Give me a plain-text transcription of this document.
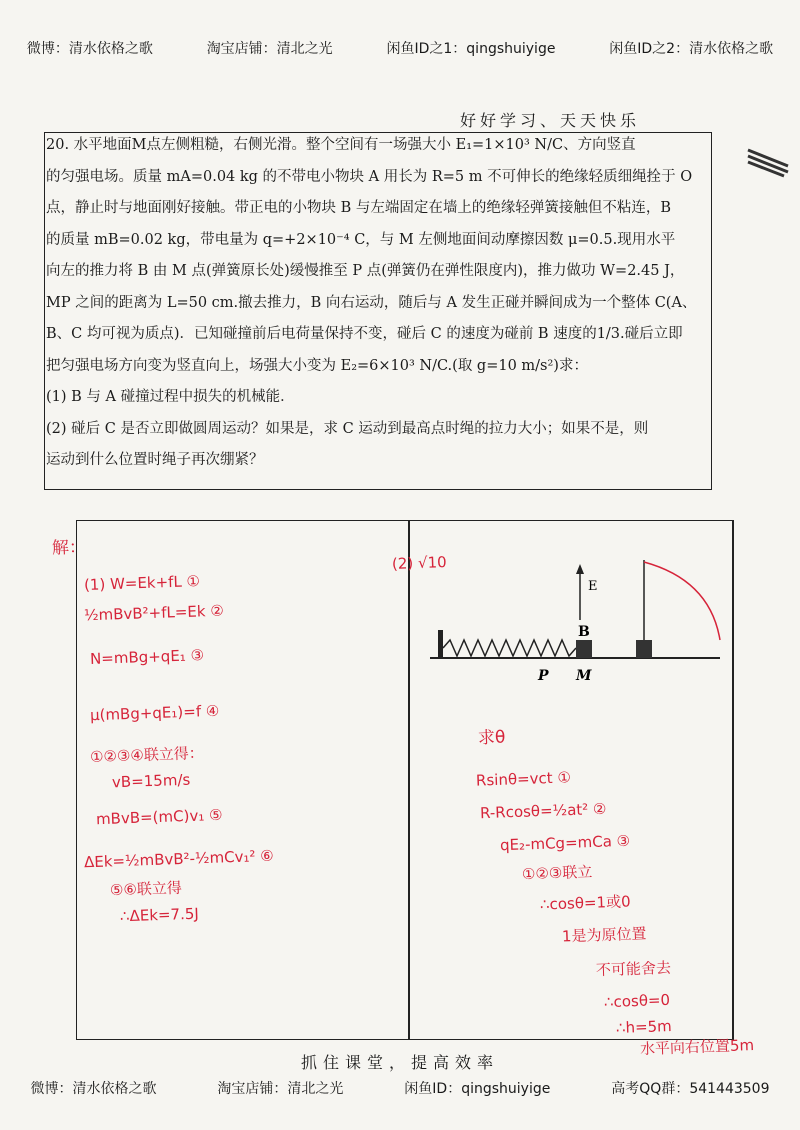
微博：清水依格之歌	淘宝店铺：清北之光	闲鱼ID之1：qingshuiyige	闲鱼ID之2：清水依格之歌
好好学习、天天快乐

20. 水平地面M点左侧粗糙，右侧光滑。整个空间有一场强大小 E₁=1×10³ N/C、方向竖直

的匀强电场。质量 mA=0.04 kg 的不带电小物块 A 用长为 R=5 m 不可伸长的绝缘轻质细绳拴于 O

点，静止时与地面刚好接触。带正电的小物块 B 与左端固定在墙上的绝缘轻弹簧接触但不粘连，B

的质量 mB=0.02 kg，带电量为 q=+2×10⁻⁴ C，与 M 左侧地面间动摩擦因数 μ=0.5.现用水平

向左的推力将 B 由 M 点(弹簧原长处)缓慢推至 P 点(弹簧仍在弹性限度内)，推力做功 W=2.45 J，

MP 之间的距离为 L=50 cm.撤去推力，B 向右运动，随后与 A 发生正碰并瞬间成为一个整体 C(A、

B、C 均可视为质点)．已知碰撞前后电荷量保持不变，碰后 C 的速度为碰前 B 速度的1/3.碰后立即

把匀强电场方向变为竖直向上，场强大小变为 E₂=6×10³ N/C.(取 g=10 m/s²)求：

(1) B 与 A 碰撞过程中损失的机械能．

(2) 碰后 C 是否立即做圆周运动？如果是，求 C 运动到最高点时绳的拉力大小；如果不是，则

运动到什么位置时绳子再次绷紧？

E
B
P M
解：
(1) W=Ek+fL ①
½mBvB²+fL=Ek ②
N=mBg+qE₁ ③
μ(mBg+qE₁)=f ④
①②③④联立得：
vB=15m/s
mBvB=(mC)v₁ ⑤
ΔEk=½mBvB²-½mCv₁² ⑥
⑤⑥联立得
∴ΔEk=7.5J
(2) √10
求θ
Rsinθ=vct ①
R-Rcosθ=½at² ②
qE₂-mCg=mCa ③
①②③联立
∴cosθ=1或0
1是为原位置
不可能舍去
∴cosθ=0
∴h=5m
水平向右位置5m
抓住课堂，提高效率
微博：清水依格之歌	淘宝店铺：清北之光	闲鱼ID：qingshuiyige	高考QQ群：541443509
